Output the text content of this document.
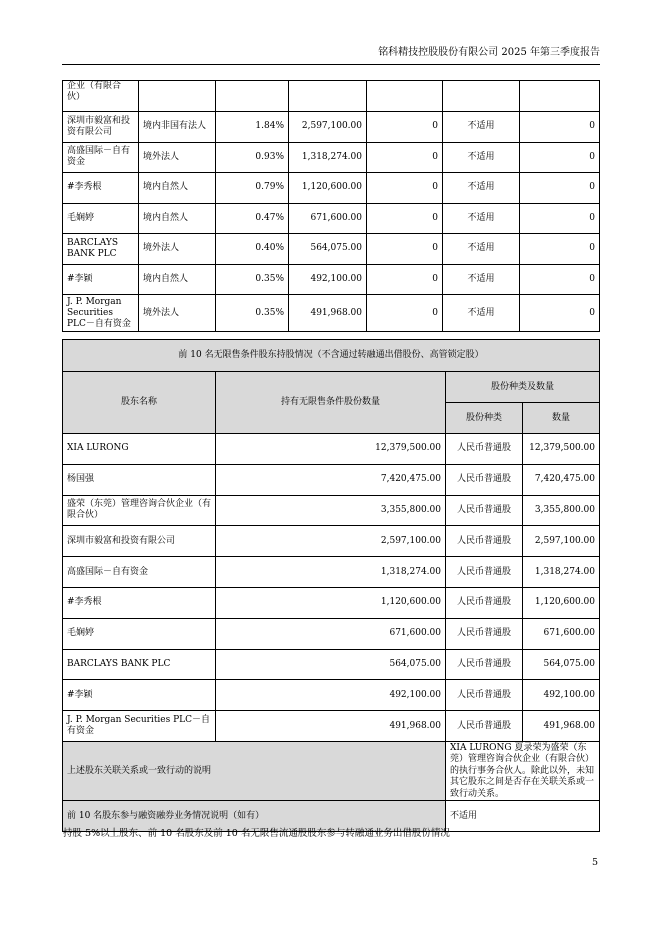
铭科精技控股股份有限公司 2025 年第三季度报告
企业（有限合伙）						
深圳市毅富和投资有限公司	境内非国有法人	1.84%	2,597,100.00	0	不适用	0
高盛国际－自有资金	境外法人	0.93%	1,318,274.00	0	不适用	0
#李秀根	境内自然人	0.79%	1,120,600.00	0	不适用	0
毛娴婷	境内自然人	0.47%	671,600.00	0	不适用	0
BARCLAYS BANK PLC	境外法人	0.40%	564,075.00	0	不适用	0
#李颖	境内自然人	0.35%	492,100.00	0	不适用	0
J. P. Morgan Securities PLC－自有资金	境外法人	0.35%	491,968.00	0	不适用	0
前 10 名无限售条件股东持股情况（不含通过转融通出借股份、高管锁定股）			
股东名称	持有无限售条件股份数量	股份种类及数量	
		股份种类	数量
XIA LURONG	12,379,500.00	人民币普通股	12,379,500.00
杨国强	7,420,475.00	人民币普通股	7,420,475.00
盛荣（东莞）管理咨询合伙企业（有限合伙）	3,355,800.00	人民币普通股	3,355,800.00
深圳市毅富和投资有限公司	2,597,100.00	人民币普通股	2,597,100.00
高盛国际－自有资金	1,318,274.00	人民币普通股	1,318,274.00
#李秀根	1,120,600.00	人民币普通股	1,120,600.00
毛娴婷	671,600.00	人民币普通股	671,600.00
BARCLAYS BANK PLC	564,075.00	人民币普通股	564,075.00
#李颖	492,100.00	人民币普通股	492,100.00
J. P. Morgan Securities PLC－自有资金	491,968.00	人民币普通股	491,968.00
上述股东关联关系或一致行动的说明		XIA LURONG 夏录荣为盛荣（东莞）管理咨询合伙企业（有限合伙）的执行事务合伙人。除此以外，未知其它股东之间是否存在关联关系或一致行动关系。	
前 10 名股东参与融资融券业务情况说明（如有）		不适用	
持股 5%以上股东、前 10 名股东及前 10 名无限售流通股股东参与转融通业务出借股份情况
5
